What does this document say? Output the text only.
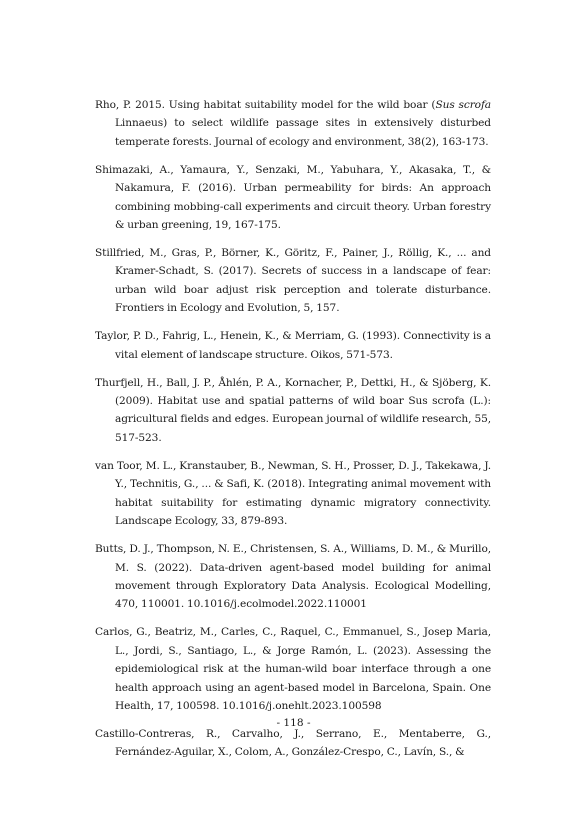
Rho, P. 2015. Using habitat suitability model for the wild boar (Sus scrofa Linnaeus) to select wildlife passage sites in extensively disturbed temperate forests. Journal of ecology and environment, 38(2), 163-173.

Shimazaki, A., Yamaura, Y., Senzaki, M., Yabuhara, Y., Akasaka, T., & Nakamura, F. (2016). Urban permeability for birds: An approach combining mobbing-call experiments and circuit theory. Urban forestry & urban greening, 19, 167-175.

Stillfried, M., Gras, P., Börner, K., Göritz, F., Painer, J., Röllig, K., ... and Kramer-Schadt, S. (2017). Secrets of success in a landscape of fear: urban wild boar adjust risk perception and tolerate disturbance. Frontiers in Ecology and Evolution, 5, 157.

Taylor, P. D., Fahrig, L., Henein, K., & Merriam, G. (1993). Connectivity is a vital element of landscape structure. Oikos, 571-573.

Thurfjell, H., Ball, J. P., Åhlén, P. A., Kornacher, P., Dettki, H., & Sjöberg, K. (2009). Habitat use and spatial patterns of wild boar Sus scrofa (L.): agricultural fields and edges. European journal of wildlife research, 55, 517-523.

van Toor, M. L., Kranstauber, B., Newman, S. H., Prosser, D. J., Takekawa, J. Y., Technitis, G., ... & Safi, K. (2018). Integrating animal movement with habitat suitability for estimating dynamic migratory connectivity. Landscape Ecology, 33, 879-893.

Butts, D. J., Thompson, N. E., Christensen, S. A., Williams, D. M., & Murillo, M. S. (2022). Data-driven agent-based model building for animal movement through Exploratory Data Analysis. Ecological Modelling, 470, 110001. 10.1016/j.ecolmodel.2022.110001

Carlos, G., Beatriz, M., Carles, C., Raquel, C., Emmanuel, S., Josep Maria, L., Jordi, S., Santiago, L., & Jorge Ramón, L. (2023). Assessing the epidemiological risk at the human-wild boar interface through a one health approach using an agent-based model in Barcelona, Spain. One Health, 17, 100598. 10.1016/j.onehlt.2023.100598

Castillo-Contreras, R., Carvalho, J., Serrano, E., Mentaberre, G., Fernández-Aguilar, X., Colom, A., González-Crespo, C., Lavín, S., &

- 118 -
